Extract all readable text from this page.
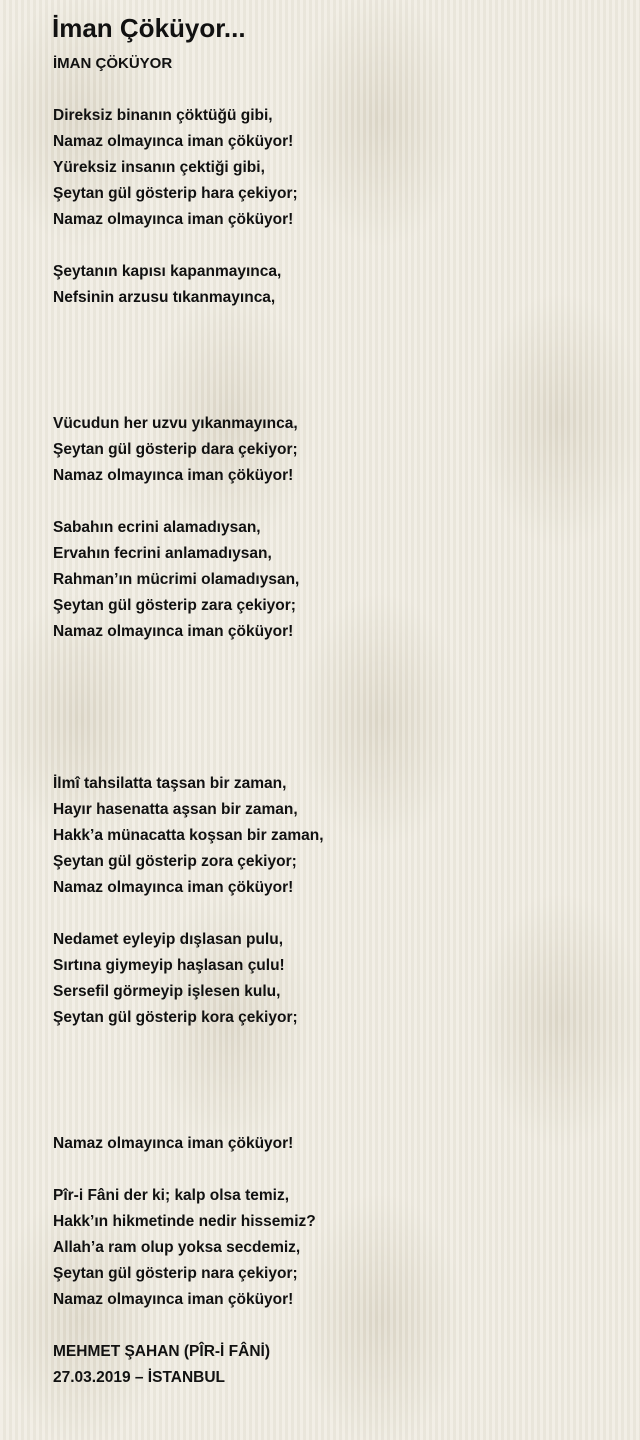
İman Çöküyor...
İMAN ÇÖKÜYOR

Direksiz binanın çöktüğü gibi,

Namaz olmayınca iman çöküyor!

Yüreksiz insanın çektiği gibi,

Şeytan gül gösterip hara çekiyor;

Namaz olmayınca iman çöküyor!

Şeytanın kapısı kapanmayınca,

Nefsinin arzusu tıkanmayınca,

Vücudun her uzvu yıkanmayınca,

Şeytan gül gösterip dara çekiyor;

Namaz olmayınca iman çöküyor!

Sabahın ecrini alamadıysan,

Ervahın fecrini anlamadıysan,

Rahman’ın mücrimi olamadıysan,

Şeytan gül gösterip zara çekiyor;

Namaz olmayınca iman çöküyor!

İlmî tahsilatta taşsan bir zaman,

Hayır hasenatta aşsan bir zaman,

Hakk’a münacatta koşsan bir zaman,

Şeytan gül gösterip zora çekiyor;

Namaz olmayınca iman çöküyor!

Nedamet eyleyip dışlasan pulu,

Sırtına giymeyip haşlasan çulu!

Sersefil görmeyip işlesen kulu,

Şeytan gül gösterip kora çekiyor;

Namaz olmayınca iman çöküyor!

Pîr-i Fâni der ki; kalp olsa temiz,

Hakk’ın hikmetinde nedir hissemiz?

Allah’a ram olup yoksa secdemiz,

Şeytan gül gösterip nara çekiyor;

Namaz olmayınca iman çöküyor!

MEHMET ŞAHAN (PÎR-İ FÂNİ)

27.03.2019 – İSTANBUL
